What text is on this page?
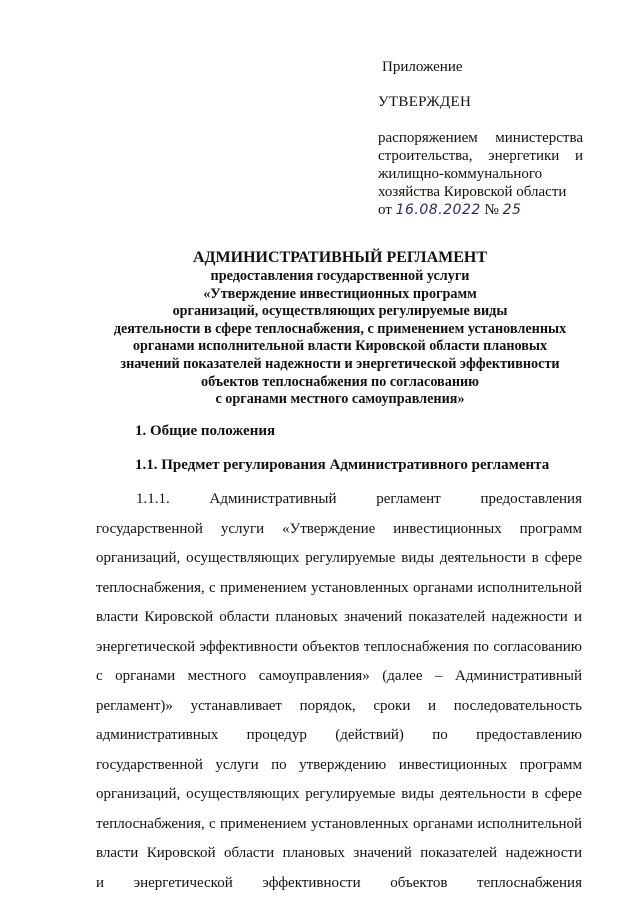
Приложение
УТВЕРЖДЕН
распоряжением министерства
строительства, энергетики и
жилищно-коммунального
хозяйства Кировской области
от 16.08.2022 № 25
АДМИНИСТРАТИВНЫЙ РЕГЛАМЕНТ
предоставления государственной услуги
«Утверждение инвестиционных программ
организаций, осуществляющих регулируемые виды
деятельности в сфере теплоснабжения, с применением установленных
органами исполнительной власти Кировской области плановых
значений показателей надежности и энергетической эффективности
объектов теплоснабжения по согласованию
с органами местного самоуправления»
1. Общие положения
1.1. Предмет регулирования Административного регламента
1.1.1. Административный регламент предоставления
государственной услуги «Утверждение инвестиционных программ
организаций, осуществляющих регулируемые виды деятельности в сфере
теплоснабжения, с применением установленных органами исполнительной
власти Кировской области плановых значений показателей надежности и
энергетической эффективности объектов теплоснабжения по согласованию
с органами местного самоуправления» (далее – Административный
регламент)» устанавливает порядок, сроки и последовательность
административных процедур (действий) по предоставлению
государственной услуги по утверждению инвестиционных программ
организаций, осуществляющих регулируемые виды деятельности в сфере
теплоснабжения, с применением установленных органами исполнительной
власти Кировской области плановых значений показателей надежности
и энергетической эффективности объектов теплоснабжения
